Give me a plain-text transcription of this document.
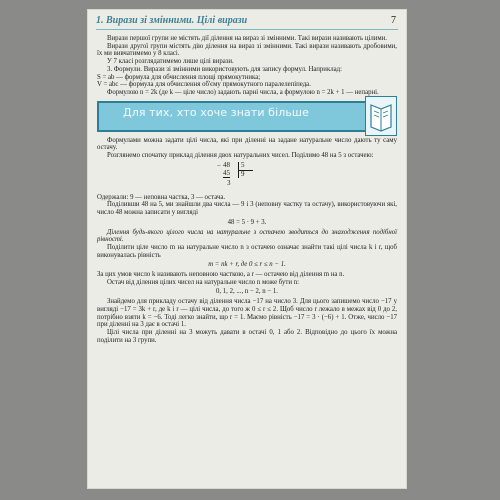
1. Вирази зі змінними. Цілі вирази	7

Вирази першої групи не містять дії ділення на вираз зі змінними. Такі вирази називають цілими.

Вирази другої групи містять дію ділення на вираз зі змінними. Такі вирази називають дробовими, їх ми вивчатимемо у 8 класі.

У 7 класі розглядатимемо лише цілі вирази.

3. Формули. Вирази зі змінними використовують для запису формул. Наприклад:

S = ab — формула для обчислення площі прямокутника;

V = abc — формула для обчислення об'єму прямокутного паралелепіпеда.

Формулою n = 2k (де k — ціле число) задають парні числа, а формулою n = 2k + 1 — непарні.

Для тих, хто хоче знати більше

Формулами можна задати цілі числа, які при діленні на задане натуральне число дають ту саму остачу.

Розглянемо спочатку приклад ділення двох натуральних чисел. Поділимо 48 на 5 з остачею:

− 48	5
9
45
3

Одержали: 9 — неповна частка, 3 — остача.

Поділивши 48 на 5, ми знайшли два числа — 9 і 3 (неповну частку та остачу), використовуючи які, число 48 можна записати у вигляді

48 = 5 · 9 + 3.

Ділення будь-якого цілого числа на натуральне з остачею зводиться до знаходження подібної рівності.

Поділити ціле число m на натуральне число n з остачею означає знайти такі цілі числа k і r, щоб виконувалась рівність

m = nk + r, де 0 ≤ r ≤ n − 1.

За цих умов число k називають неповною часткою, а r — остачею від ділення m на n.

Остач від ділення цілих чисел на натуральне число n може бути n:

0, 1, 2, ..., n − 2, n − 1.

Знайдемо для прикладу остачу від ділення числа −17 на число 3. Для цього запишемо число −17 у вигляді −17 = 3k + r, де k і r — цілі числа, до того ж 0 ≤ r ≤ 2. Щоб число r лежало в межах від 0 до 2, потрібно взяти k = −6. Тоді легко знайти, що r = 1. Маємо рівність −17 = 3 · (−6) + 1. Отже, число −17 при діленні на 3 дає в остачі 1.

Цілі числа при діленні на 3 можуть давати в остачі 0, 1 або 2. Відповідно до цього їх можна поділити на 3 групи.
